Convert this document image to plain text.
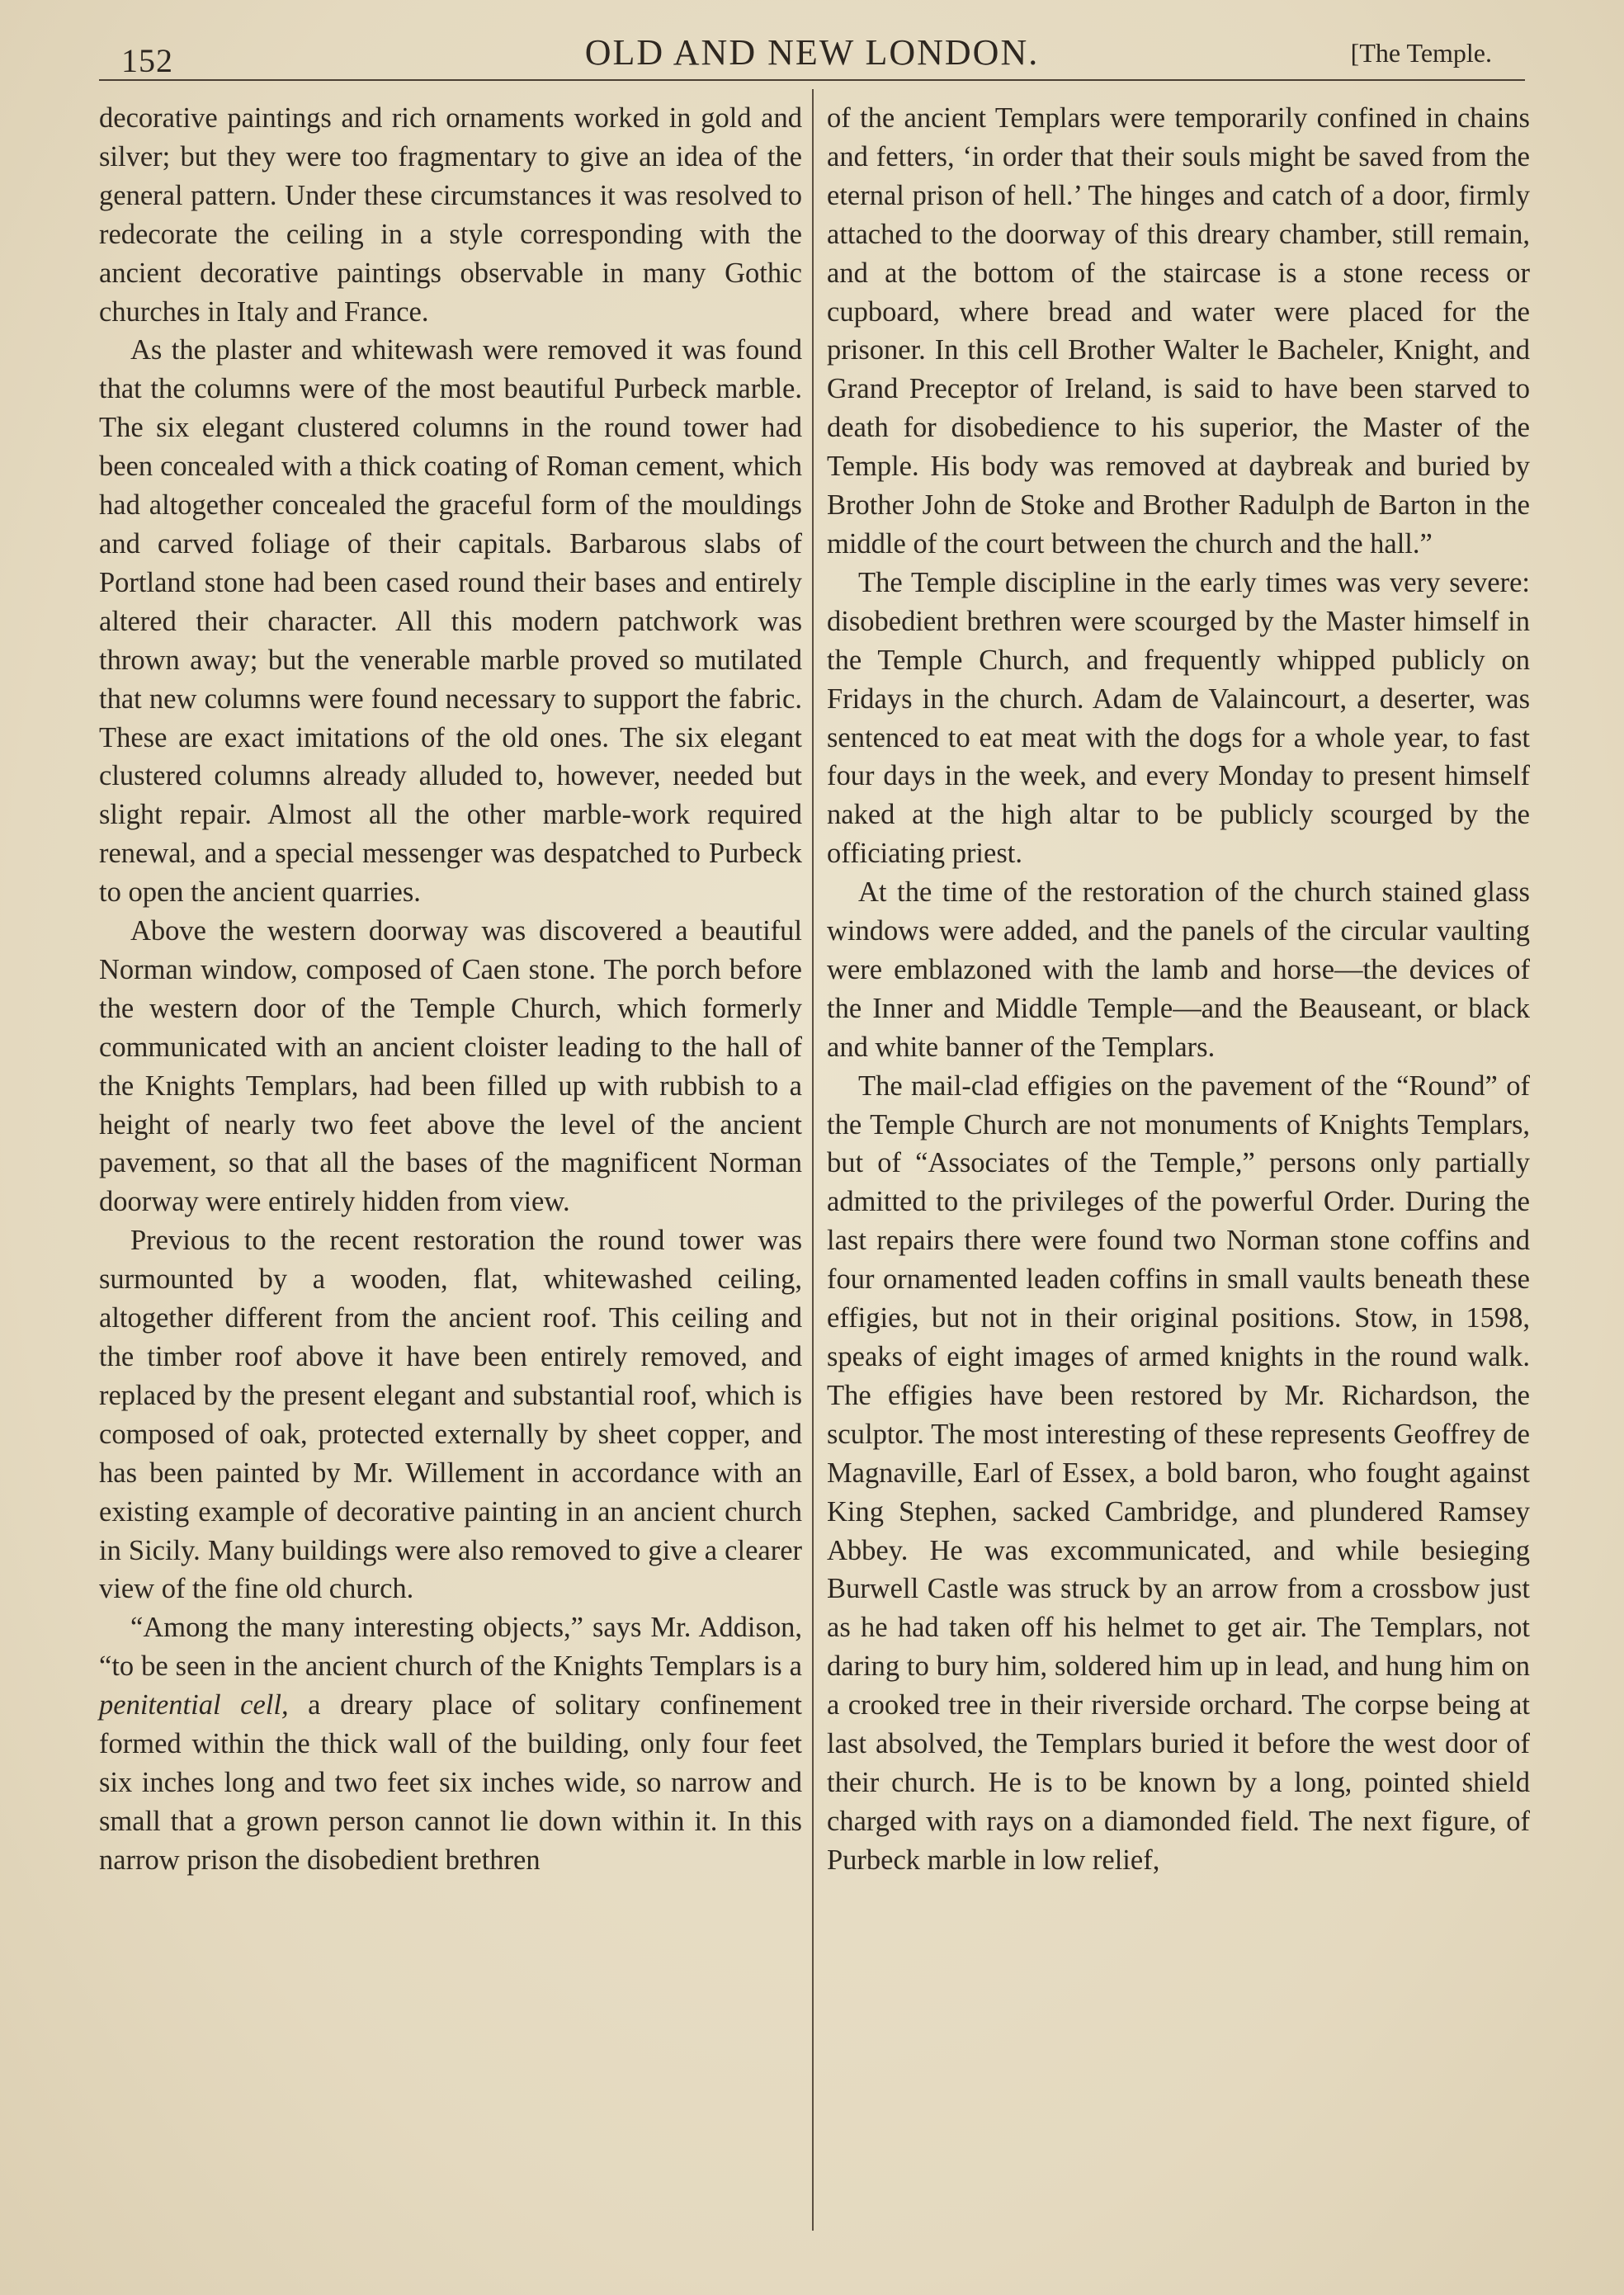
152	OLD AND NEW LONDON.	[The Temple.

decorative paintings and rich ornaments worked in gold and silver; but they were too fragmentary to give an idea of the general pattern. Under these circumstances it was resolved to redecorate the ceiling in a style corresponding with the ancient decorative paintings observable in many Gothic churches in Italy and France.

As the plaster and whitewash were removed it was found that the columns were of the most beautiful Purbeck marble. The six elegant clustered columns in the round tower had been concealed with a thick coating of Roman cement, which had altogether concealed the graceful form of the mouldings and carved foliage of their capitals. Barbarous slabs of Portland stone had been cased round their bases and entirely altered their character. All this modern patchwork was thrown away; but the venerable marble proved so mutilated that new columns were found necessary to support the fabric. These are exact imitations of the old ones. The six elegant clustered columns already alluded to, however, needed but slight repair. Almost all the other marble-work required renewal, and a special messenger was despatched to Purbeck to open the ancient quarries.

Above the western doorway was discovered a beautiful Norman window, composed of Caen stone. The porch before the western door of the Temple Church, which formerly communicated with an ancient cloister leading to the hall of the Knights Templars, had been filled up with rubbish to a height of nearly two feet above the level of the ancient pavement, so that all the bases of the magnificent Norman doorway were entirely hidden from view.

Previous to the recent restoration the round tower was surmounted by a wooden, flat, whitewashed ceiling, altogether different from the ancient roof. This ceiling and the timber roof above it have been entirely removed, and replaced by the present elegant and substantial roof, which is composed of oak, protected externally by sheet copper, and has been painted by Mr. Willement in accordance with an existing example of decorative painting in an ancient church in Sicily. Many buildings were also removed to give a clearer view of the fine old church.

“Among the many interesting objects,” says Mr. Addison, “to be seen in the ancient church of the Knights Templars is a penitential cell, a dreary place of solitary confinement formed within the thick wall of the building, only four feet six inches long and two feet six inches wide, so narrow and small that a grown person cannot lie down within it. In this narrow prison the disobedient brethren

of the ancient Templars were temporarily confined in chains and fetters, ‘in order that their souls might be saved from the eternal prison of hell.’ The hinges and catch of a door, firmly attached to the doorway of this dreary chamber, still remain, and at the bottom of the staircase is a stone recess or cupboard, where bread and water were placed for the prisoner. In this cell Brother Walter le Bacheler, Knight, and Grand Preceptor of Ireland, is said to have been starved to death for disobedience to his superior, the Master of the Temple. His body was removed at daybreak and buried by Brother John de Stoke and Brother Radulph de Barton in the middle of the court between the church and the hall.”

The Temple discipline in the early times was very severe: disobedient brethren were scourged by the Master himself in the Temple Church, and frequently whipped publicly on Fridays in the church. Adam de Valaincourt, a deserter, was sentenced to eat meat with the dogs for a whole year, to fast four days in the week, and every Monday to present himself naked at the high altar to be publicly scourged by the officiating priest.

At the time of the restoration of the church stained glass windows were added, and the panels of the circular vaulting were emblazoned with the lamb and horse—the devices of the Inner and Middle Temple—and the Beauseant, or black and white banner of the Templars.

The mail-clad effigies on the pavement of the “Round” of the Temple Church are not monuments of Knights Templars, but of “Associates of the Temple,” persons only partially admitted to the privileges of the powerful Order. During the last repairs there were found two Norman stone coffins and four ornamented leaden coffins in small vaults beneath these effigies, but not in their original positions. Stow, in 1598, speaks of eight images of armed knights in the round walk. The effigies have been restored by Mr. Richardson, the sculptor. The most interesting of these represents Geoffrey de Magnaville, Earl of Essex, a bold baron, who fought against King Stephen, sacked Cambridge, and plundered Ramsey Abbey. He was excommunicated, and while besieging Burwell Castle was struck by an arrow from a crossbow just as he had taken off his helmet to get air. The Templars, not daring to bury him, soldered him up in lead, and hung him on a crooked tree in their riverside orchard. The corpse being at last absolved, the Templars buried it before the west door of their church. He is to be known by a long, pointed shield charged with rays on a diamonded field. The next figure, of Purbeck marble in low relief,
